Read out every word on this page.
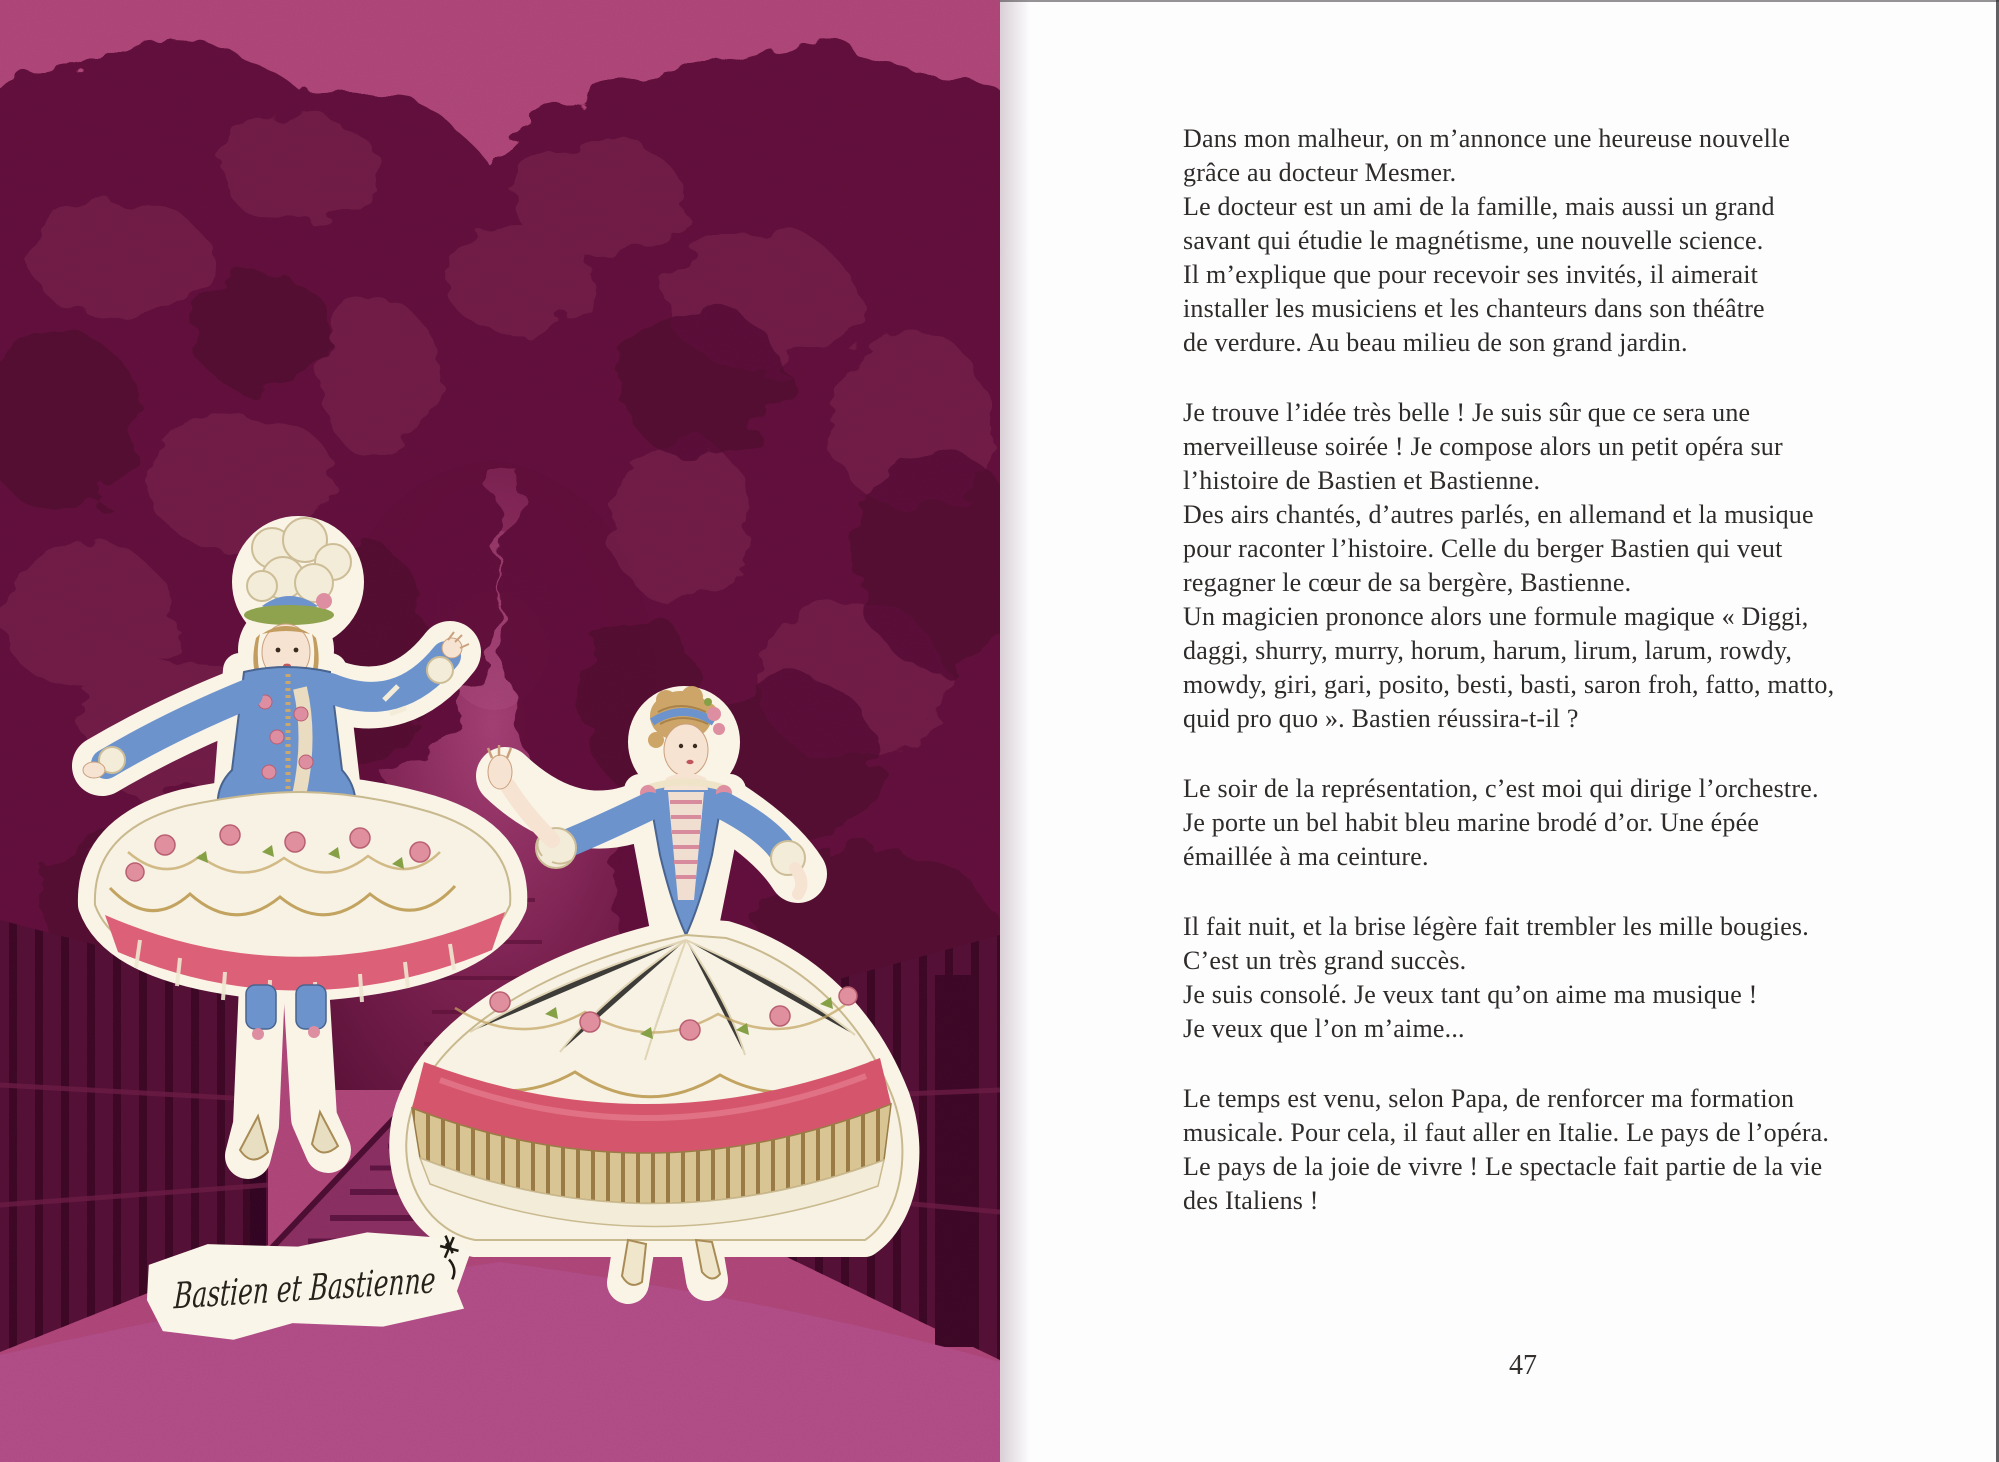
Bastien et Bastienne
Dans mon malheur, on m’annonce une heureuse nouvelle
grâce au docteur Mesmer.
Le docteur est un ami de la famille, mais aussi un grand
savant qui étudie le magnétisme, une nouvelle science.
Il m’explique que pour recevoir ses invités, il aimerait
installer les musiciens et les chanteurs dans son théâtre
de verdure. Au beau milieu de son grand jardin.
Je trouve l’idée très belle ! Je suis sûr que ce sera une
merveilleuse soirée ! Je compose alors un petit opéra sur
l’histoire de Bastien et Bastienne.
Des airs chantés, d’autres parlés, en allemand et la musique
pour raconter l’histoire. Celle du berger Bastien qui veut
regagner le cœur de sa bergère, Bastienne.
Un magicien prononce alors une formule magique « Diggi,
daggi, shurry, murry, horum, harum, lirum, larum, rowdy,
mowdy, giri, gari, posito, besti, basti, saron froh, fatto, matto,
quid pro quo ». Bastien réussira-t-il ?
Le soir de la représentation, c’est moi qui dirige l’orchestre.
Je porte un bel habit bleu marine brodé d’or. Une épée
émaillée à ma ceinture.
Il fait nuit, et la brise légère fait trembler les mille bougies.
C’est un très grand succès.
Je suis consolé. Je veux tant qu’on aime ma musique !
Je veux que l’on m’aime...
Le temps est venu, selon Papa, de renforcer ma formation
musicale. Pour cela, il faut aller en Italie. Le pays de l’opéra.
Le pays de la joie de vivre ! Le spectacle fait partie de la vie
des Italiens !
47
